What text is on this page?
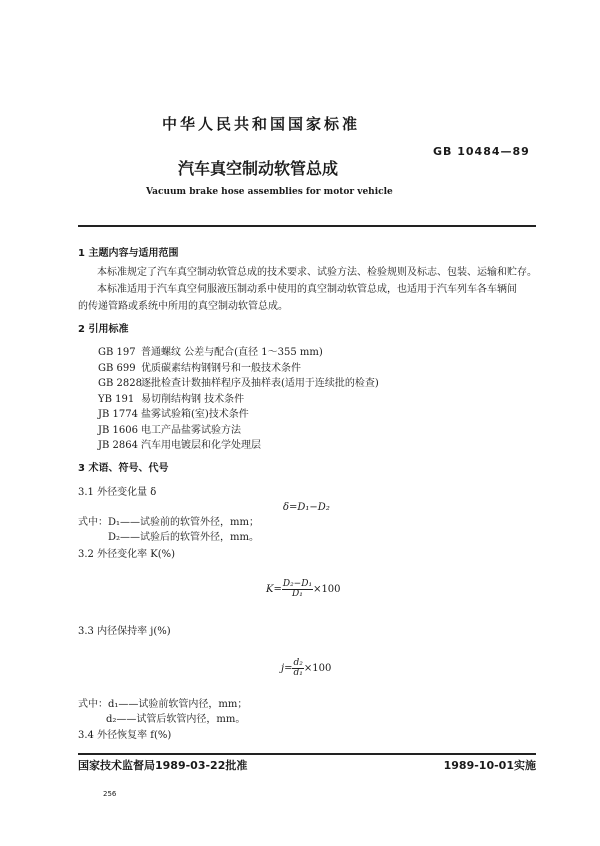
中华人民共和国国家标准
GB 10484—89
汽车真空制动软管总成
Vacuum brake hose assemblies for motor vehicle
1 主题内容与适用范围
本标准规定了汽车真空制动软管总成的技术要求、试验方法、检验规则及标志、包装、运输和贮存。
本标准适用于汽车真空伺服液压制动系中使用的真空制动软管总成，也适用于汽车列车各车辆间
的传递管路或系统中所用的真空制动软管总成。
2 引用标准
GB 197 普通螺纹 公差与配合(直径 1～355 mm)
GB 699 优质碳素结构钢钢号和一般技术条件
GB 2828 逐批检查计数抽样程序及抽样表(适用于连续批的检查)
YB 191 易切削结构钢 技术条件
JB 1774 盐雾试验箱(室)技术条件
JB 1606 电工产品盐雾试验方法
JB 2864 汽车用电镀层和化学处理层
3 术语、符号、代号
3.1 外径变化量 δ
δ=D₁−D₂
式中：D₁——试验前的软管外径，mm；
D₂——试验后的软管外径，mm。
3.2 外径变化率 K(%)
$K= \frac{\text{D₂−D₁}}{\text{D₁}} \times 100$
3.3 内径保持率 j(%)
$j= \frac{\text{d₂}}{\text{d₁}} \times 100$
式中：d₁——试验前软管内径，mm；
d₂——试管后软管内径，mm。
3.4 外径恢复率 f(%)
国家技术监督局1989-03-22批准	1989-10-01实施
256
